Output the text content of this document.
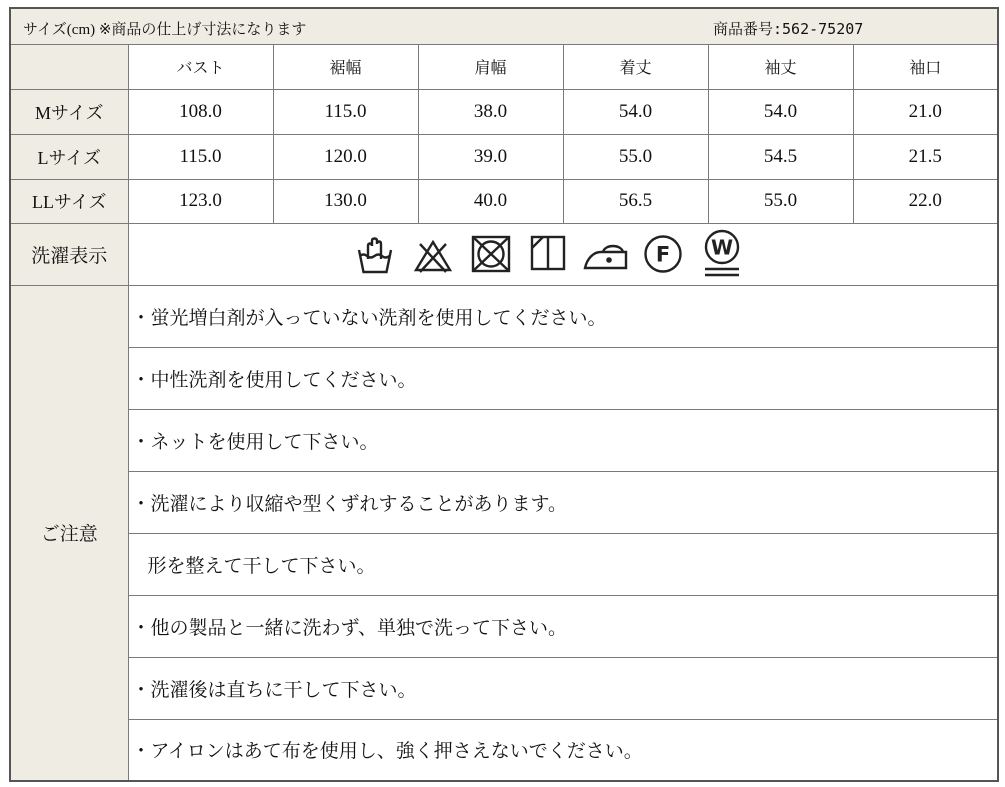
サイズ(cm) ※商品の仕上げ寸法になります 商品番号:562-75207						

	バスト	裾幅	肩幅	着丈	袖丈	袖口
Mサイズ	108.0	115.0	38.0	54.0	54.0	21.0
Lサイズ	115.0	120.0	39.0	55.0	54.5	21.5
LLサイズ	123.0	130.0	40.0	56.5	55.0	22.0
洗濯表示	F W					

ご注意	・蛍光増白剤が入っていない洗剤を使用してください。					
	・中性洗剤を使用してください。					
	・ネットを使用して下さい。					
	・洗濯により収縮や型くずれすることがあります。					
	形を整えて干して下さい。					
	・他の製品と一緒に洗わず、単独で洗って下さい。					
	・洗濯後は直ちに干して下さい。					
	・アイロンはあて布を使用し、強く押さえないでください。					
